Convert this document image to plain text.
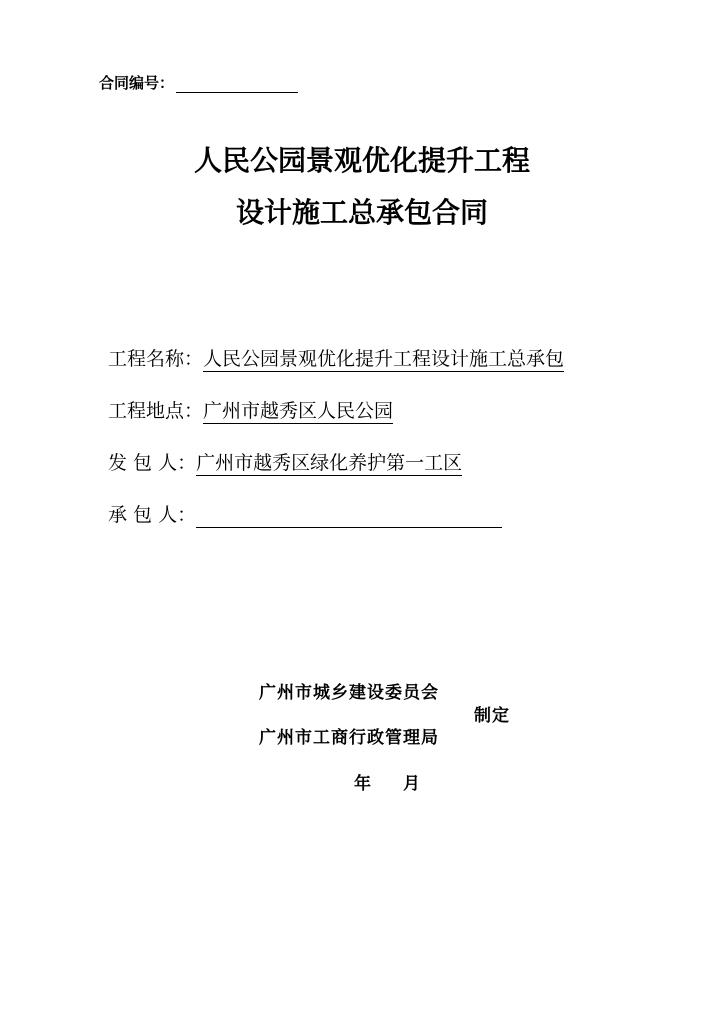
合同编号：
人民公园景观优化提升工程
设计施工总承包合同
工程名称：人民公园景观优化提升工程设计施工总承包
工程地点：广州市越秀区人民公园
发 包 人：广州市越秀区绿化养护第一工区
承 包 人：
广州市城乡建设委员会
制定
广州市工商行政管理局
年 月
